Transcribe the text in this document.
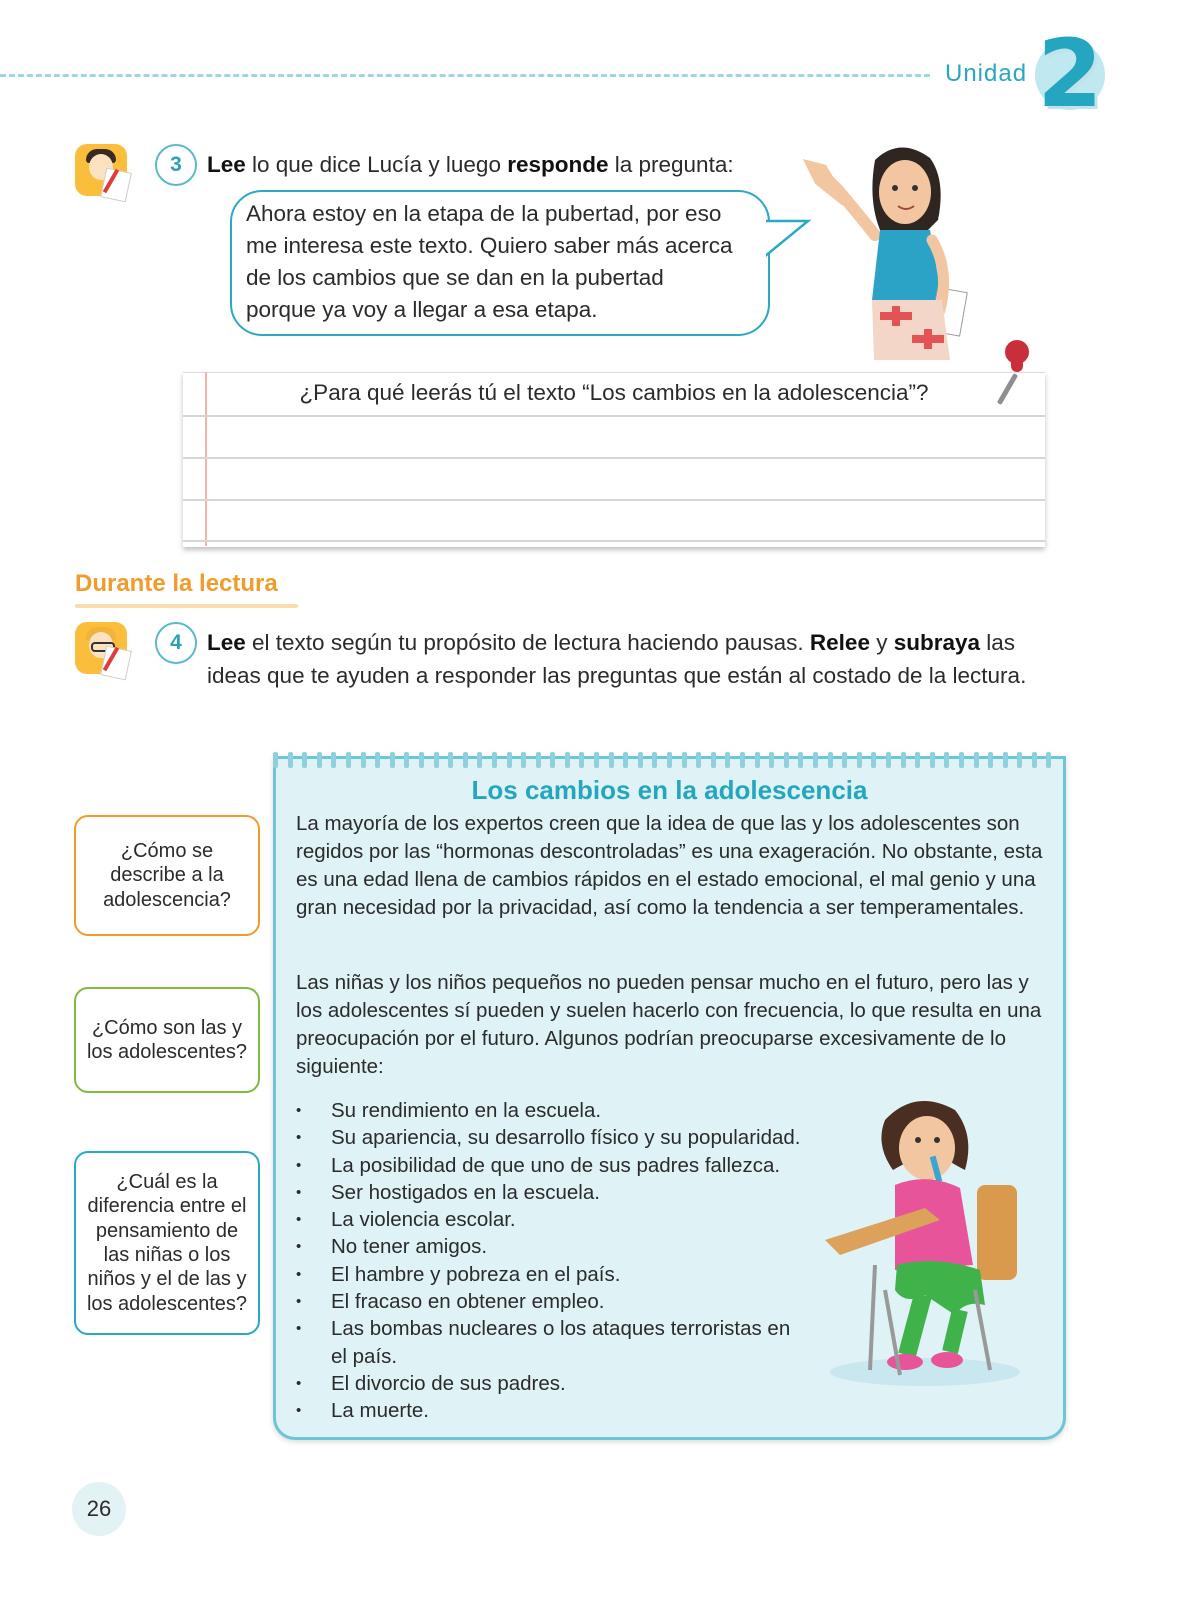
Unidad 2
3	Lee lo que dice Lucía y luego responde la pregunta:
Ahora estoy en la etapa de la pubertad, por eso
me interesa este texto. Quiero saber más acerca
de los cambios que se dan en la pubertad
porque ya voy a llegar a esa etapa.
¿Para qué leerás tú el texto “Los cambios en la adolescencia”?
Durante la lectura
4	Lee el texto según tu propósito de lectura haciendo pausas. Relee y subraya las ideas que te ayuden a responder las preguntas que están al costado de la lectura.
Los cambios en la adolescencia
La mayoría de los expertos creen que la idea de que las y los adolescentes son regidos por las “hormonas descontroladas” es una exageración. No obstante, esta es una edad llena de cambios rápidos en el estado emocional, el mal genio y una gran necesidad por la privacidad, así como la tendencia a ser temperamentales.
Las niñas y los niños pequeños no pueden pensar mucho en el futuro, pero las y los adolescentes sí pueden y suelen hacerlo con frecuencia, lo que resulta en una preocupación por el futuro. Algunos podrían preocuparse excesivamente de lo siguiente:
• Su rendimiento en la escuela.
• Su apariencia, su desarrollo físico y su popularidad.
• La posibilidad de que uno de sus padres fallezca.
• Ser hostigados en la escuela.
• La violencia escolar.
• No tener amigos.
• El hambre y pobreza en el país.
• El fracaso en obtener empleo.
• Las bombas nucleares o los ataques terroristas en el país.
• El divorcio de sus padres.
• La muerte.
¿Cómo se describe a la adolescencia?
¿Cómo son las y los adolescentes?
¿Cuál es la diferencia entre el pensamiento de las niñas o los niños y el de las y los adolescentes?
26
